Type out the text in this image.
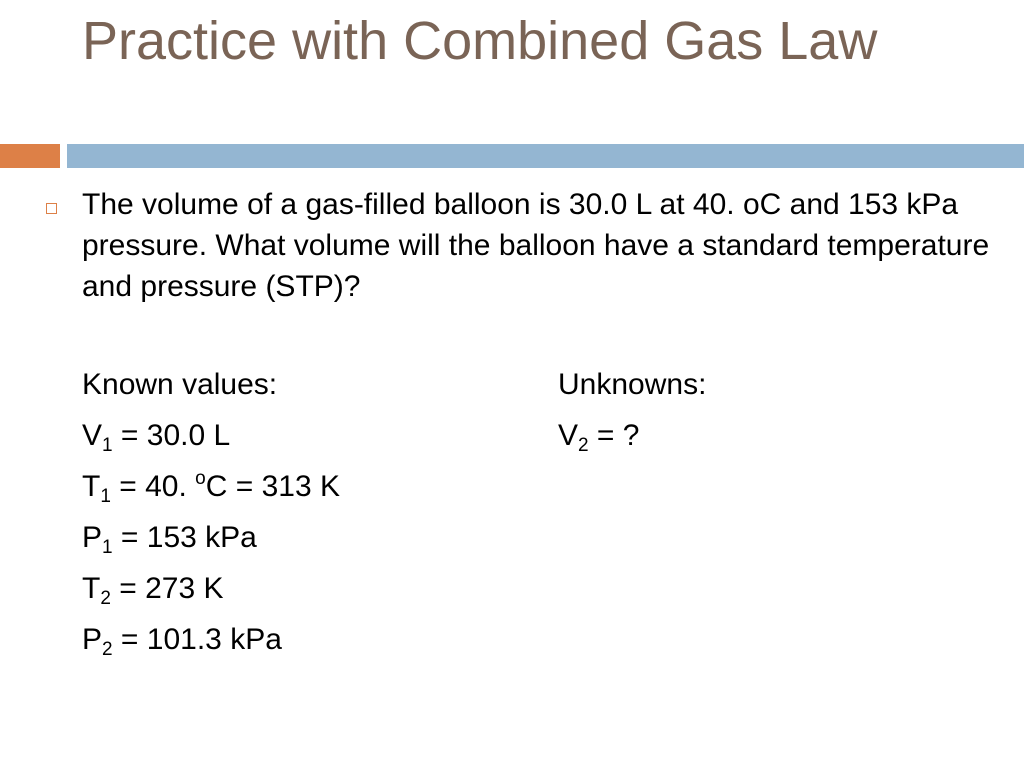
Practice with Combined Gas Law

The volume of a gas-filled balloon is 30.0 L at 40. oC and 153 kPa pressure. What volume will the balloon have a standard temperature and pressure (STP)?

Known values:
$V_1 = 30.0$ L
$T_1 = 40$. $^o$C = 313 K
$P_1 = 153$ kPa
$T_2 = 273$ K
$P_2 = 101.3$ kPa
Unknowns:
$V_2$ = ?
